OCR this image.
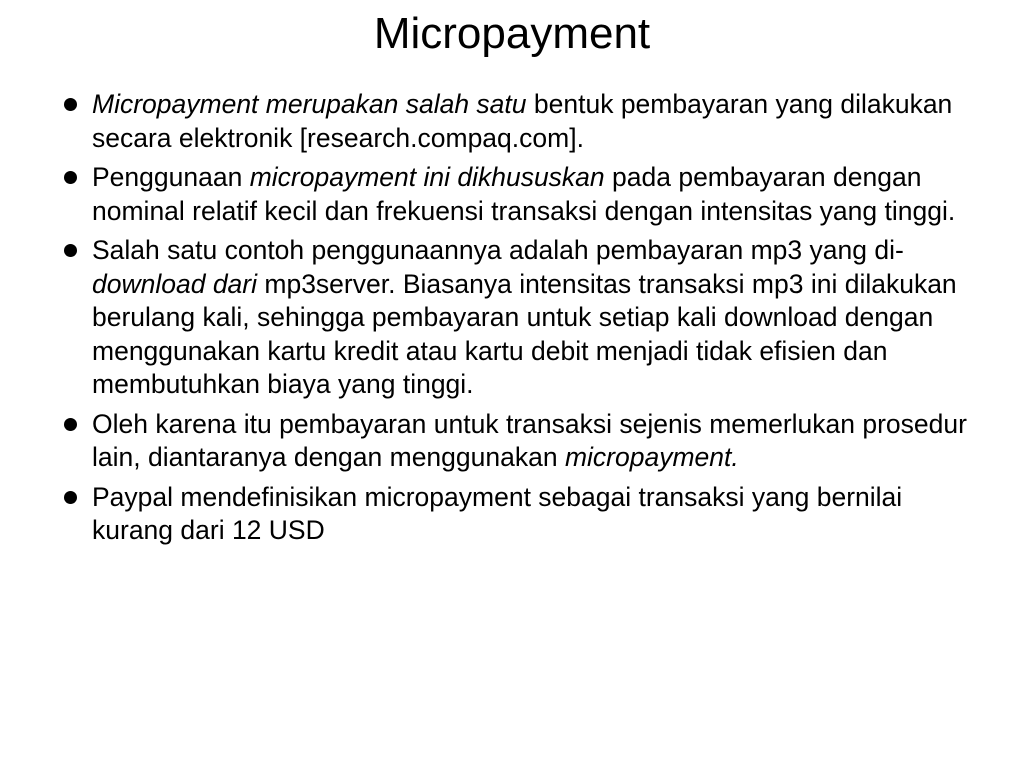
Micropayment
Micropayment merupakan salah satu bentuk pembayaran yang dilakukan secara elektronik [research.compaq.com].
Penggunaan micropayment ini dikhususkan pada pembayaran dengan nominal relatif kecil dan frekuensi transaksi dengan intensitas yang tinggi.
Salah satu contoh penggunaannya adalah pembayaran mp3 yang di-download dari mp3server. Biasanya intensitas transaksi mp3 ini dilakukan berulang kali, sehingga pembayaran untuk setiap kali download dengan menggunakan kartu kredit atau kartu debit menjadi tidak efisien dan membutuhkan biaya yang tinggi.
Oleh karena itu pembayaran untuk transaksi sejenis memerlukan prosedur lain, diantaranya dengan menggunakan micropayment.
Paypal mendefinisikan micropayment sebagai transaksi yang bernilai kurang dari 12 USD
